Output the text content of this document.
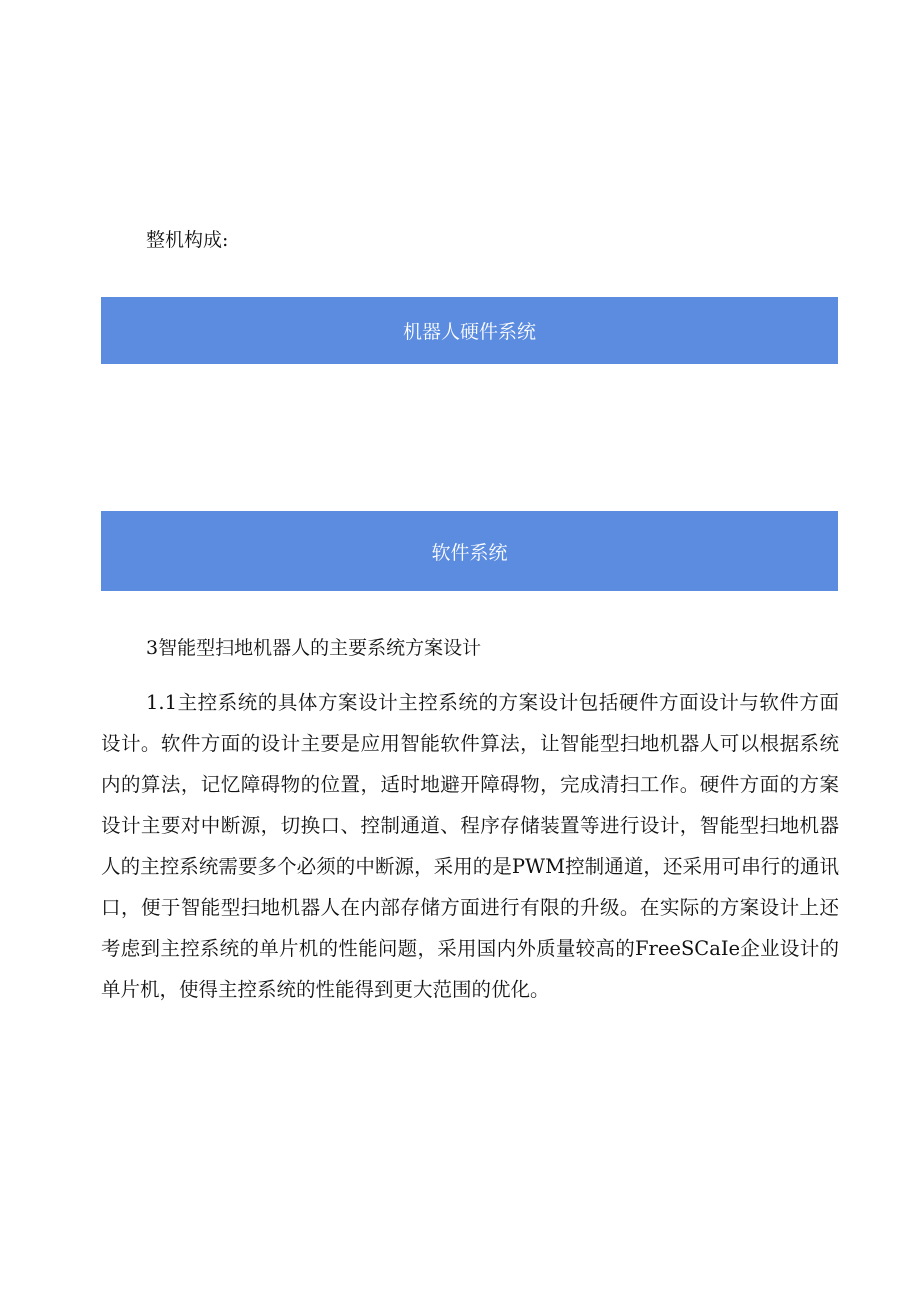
整机构成:

机器人硬件系统
软件系统

3智能型扫地机器人的主要系统方案设计

1.1主控系统的具体方案设计主控系统的方案设计包括硬件方面设计与软件方面设计。软件方面的设计主要是应用智能软件算法，让智能型扫地机器人可以根据系统内的算法，记忆障碍物的位置，适时地避开障碍物，完成清扫工作。硬件方面的方案设计主要对中断源，切换口、控制通道、程序存储装置等进行设计，智能型扫地机器人的主控系统需要多个必须的中断源，采用的是PWM控制通道，还采用可串行的通讯口，便于智能型扫地机器人在内部存储方面进行有限的升级。在实际的方案设计上还考虑到主控系统的单片机的性能问题，采用国内外质量较高的FreeSCaIe企业设计的单片机，使得主控系统的性能得到更大范围的优化。
